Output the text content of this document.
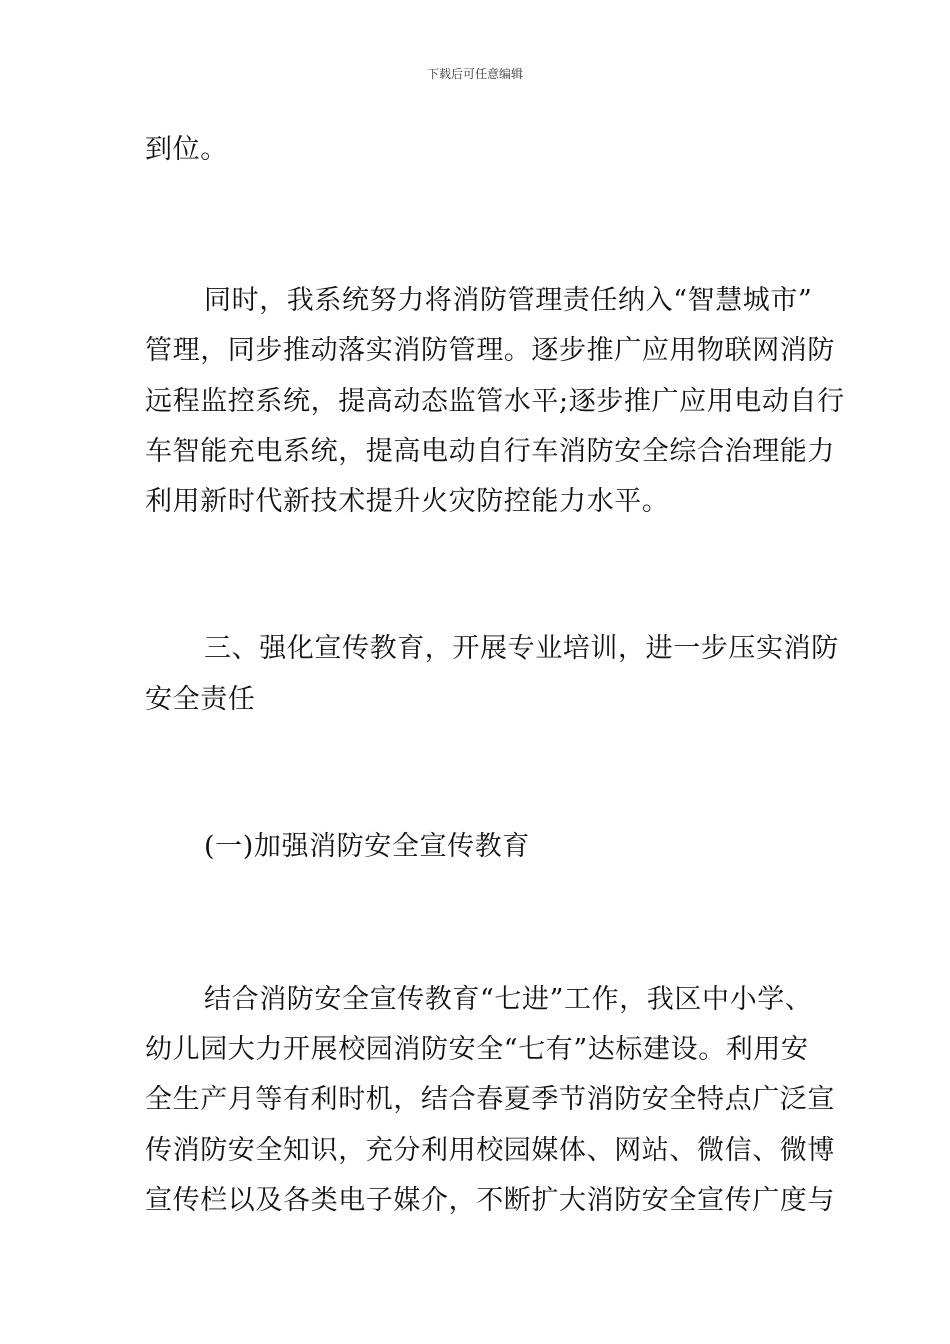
下载后可任意编辑
到位。
同时，我系统努力将消防管理责任纳入“智慧城市”
管理，同步推动落实消防管理。逐步推广应用物联网消防
远程监控系统，提高动态监管水平;逐步推广应用电动自行
车智能充电系统，提高电动自行车消防安全综合治理能力
利用新时代新技术提升火灾防控能力水平。
三、强化宣传教育，开展专业培训，进一步压实消防
安全责任
(一)加强消防安全宣传教育
结合消防安全宣传教育“七进”工作，我区中小学、
幼儿园大力开展校园消防安全“七有”达标建设。利用安
全生产月等有利时机，结合春夏季节消防安全特点广泛宣
传消防安全知识，充分利用校园媒体、网站、微信、微博
宣传栏以及各类电子媒介，不断扩大消防安全宣传广度与
